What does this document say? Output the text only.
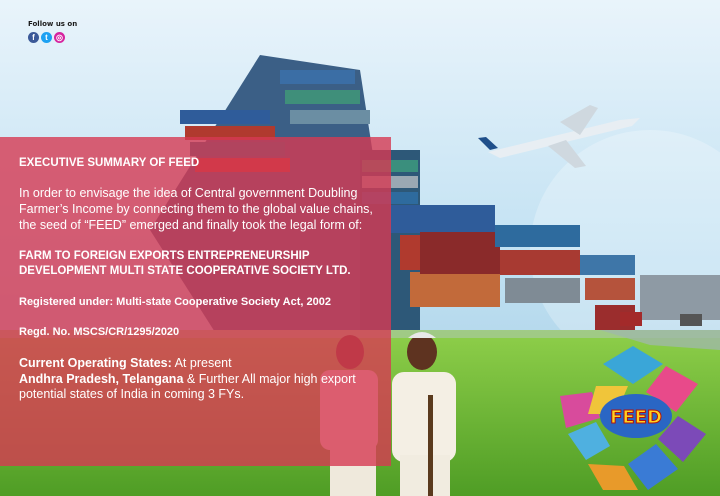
Follow us on
f	t	◎
EXECUTIVE SUMMARY OF FEED
In order to envisage the idea of Central government Doubling Farmer’s Income by connecting them to the global value chains, the seed of “FEED” emerged and finally took the legal form of:
FARM TO FOREIGN EXPORTS ENTREPRENEURSHIP
DEVELOPMENT MULTI STATE COOPERATIVE SOCIETY LTD.
Registered under: Multi-state Cooperative Society Act, 2002
Regd. No. MSCS/CR/1295/2020
Current Operating States: At present
Andhra Pradesh, Telangana & Further All major high export potential states of India in coming 3 FYs.
FEED
